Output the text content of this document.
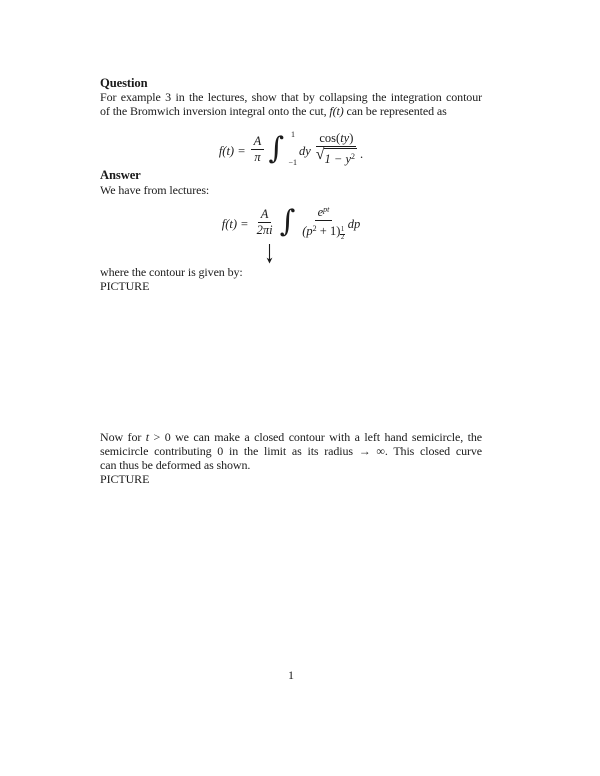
Question
For example 3 in the lectures, show that by collapsing the integration contour
of the Bromwich inversion integral onto the cut, f(t) can be represented as
$f(t) = \frac{A}{\pi}$ ∫ 1
−1
dy $\frac{\cos(ty)}{√ 1 - y^2}$ .
Answer
We have from lectures:
$f(t) = \frac{A}{2\pi i}$ ∫ $\frac{e^{pt}}{(p^2 + 1) \frac{1}{2}}$ dp
where the contour is given by:
PICTURE
Now for t > 0 we can make a closed contour with a left hand semicircle, the
semicircle contributing 0 in the limit as its radius → ∞. This closed curve
can thus be deformed as shown.
PICTURE
1
